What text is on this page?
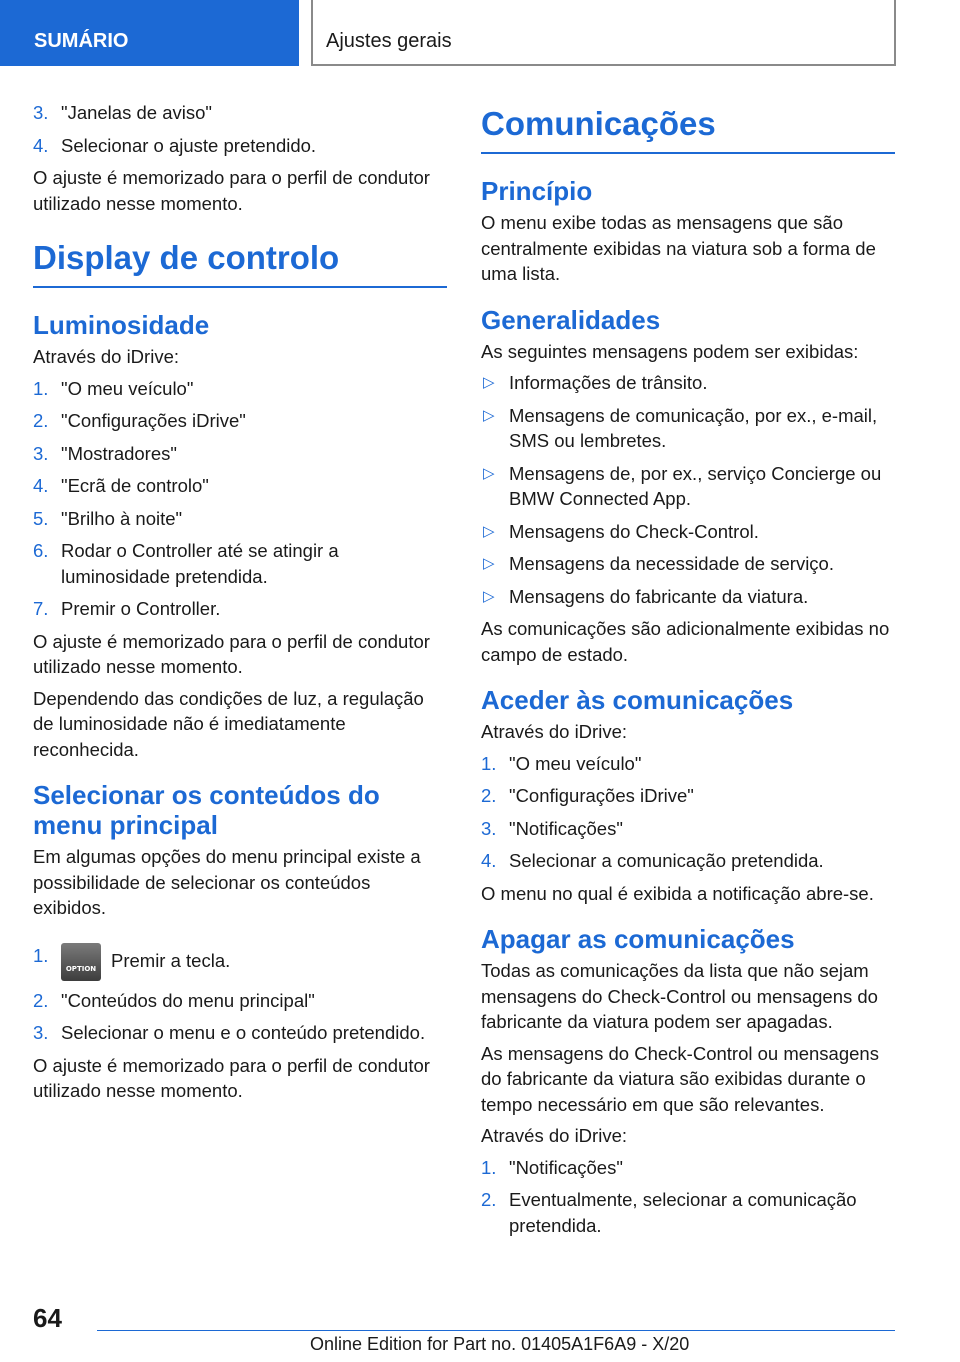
SUMÁRIO	Ajustes gerais
3. "Janelas de aviso"
4. Selecionar o ajuste pretendido.

O ajuste é memorizado para o perfil de condutor utilizado nesse momento.

Display de controlo
Luminosidade

Através do iDrive:

1. "O meu veículo"
2. "Configurações iDrive"
3. "Mostradores"
4. "Ecrã de controlo"
5. "Brilho à noite"
6. Rodar o Controller até se atingir a luminosidade pretendida.
7. Premir o Controller.

O ajuste é memorizado para o perfil de condutor utilizado nesse momento.

Dependendo das condições de luz, a regulação de luminosidade não é imediatamente reconhecida.

Selecionar os conteúdos do menu principal

Em algumas opções do menu principal existe a possibilidade de selecionar os conteúdos exibidos.

1.
OPTION Premir a tecla.
2. "Conteúdos do menu principal"
3. Selecionar o menu e o conteúdo pretendido.

O ajuste é memorizado para o perfil de condutor utilizado nesse momento.

Comunicações
Princípio

O menu exibe todas as mensagens que são centralmente exibidas na viatura sob a forma de uma lista.

Generalidades

As seguintes mensagens podem ser exibidas:

▷ Informações de trânsito.
▷ Mensagens de comunicação, por ex., e-mail, SMS ou lembretes.
▷ Mensagens de, por ex., serviço Concierge ou BMW Connected App.
▷ Mensagens do Check-Control.
▷ Mensagens da necessidade de serviço.
▷ Mensagens do fabricante da viatura.

As comunicações são adicionalmente exibidas no campo de estado.

Aceder às comunicações

Através do iDrive:

1. "O meu veículo"
2. "Configurações iDrive"
3. "Notificações"
4. Selecionar a comunicação pretendida.

O menu no qual é exibida a notificação abre-se.

Apagar as comunicações

Todas as comunicações da lista que não sejam mensagens do Check-Control ou mensagens do fabricante da viatura podem ser apagadas.

As mensagens do Check-Control ou mensagens do fabricante da viatura são exibidas durante o tempo necessário em que são relevantes.

Através do iDrive:

1. "Notificações"
2. Eventualmente, selecionar a comunicação pretendida.
64
Online Edition for Part no. 01405A1F6A9 - X/20
